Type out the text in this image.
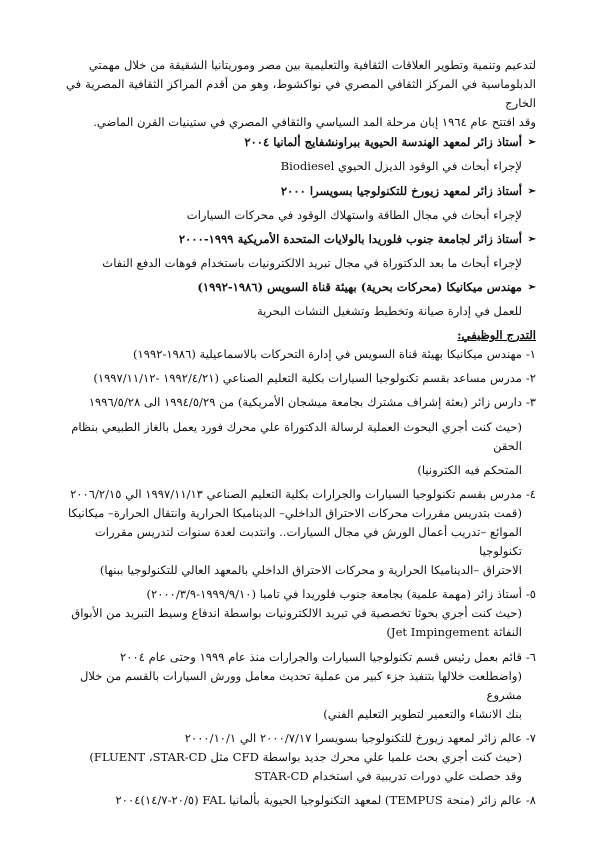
لتدعيم وتنمية وتطوير العلاقات الثقافية والتعليمية بين مصر وموريتانيا الشقيقة من خلال مهمتي

الدبلوماسية في المركز الثقافي المصري في نواكشوط، وهو من أقدم المراكز الثقافية المصرية في الخارج

وقد افتتح عام ١٩٦٤ إبان مرحلة المد السياسي والثقافي المصري في ستينيات القرن الماضي.

➢ أستاذ زائر لمعهد الهندسة الحيوية ببراونشفايج ألمانيا ٢٠٠٤
لإجراء أبحاث في الوقود الديزل الحيوي Biodiesel
➢ أستاذ زائر لمعهد زيورخ للتكنولوجيا بسويسرا ٢٠٠٠
لإجراء أبحاث في مجال الطاقة واستهلاك الوقود في محركات السيارات
➢ أستاذ زائر لجامعة جنوب فلوريدا بالولايات المتحدة الأمريكية ١٩٩٩-٢٠٠٠
لإجراء أبحاث ما بعد الدكتوراة في مجال تبريد الالكترونيات باستخدام فوهات الدفع النفاث
➢ مهندس ميكانيكا (محركات بحرية) بهيئة قناة السويس (١٩٨٦-١٩٩٢)
للعمل في إدارة صيانة وتخطيط وتشغيل النشات البحرية
التدرج الوظيفي:

١-
مهندس ميكانيكا بهيئة قناة السويس في إدارة التحركات بالاسماعيلية (١٩٨٦-١٩٩٢)

٢-
مدرس مساعد بقسم تكنولوجيا السيارات بكلية التعليم الصناعي (١٩٩٢/٤/٢١ -١٩٩٧/١١/١٢)

٣-
دارس زائر (بعثة إشراف مشترك بجامعة ميشجان الأمريكية) من ١٩٩٤/٥/٢٩ الى ١٩٩٦/٥/٢٨

(حيث كنت أجري البحوث العملية لرسالة الدكتوراة علي محرك فورد يعمل بالغاز الطبيعي بنظام الحقن

المتحكم فيه الكترونيا)

٤-
مدرس بقسم تكنولوجيا السيارات والجرارات بكلية التعليم الصناعي ١٩٩٧/١١/١٣ الي ٢٠٠٦/٢/١٥

(قمت بتدريس مقررات محركات الاحتراق الداخلي– الديناميكا الحرارية وانتقال الحرارة– ميكانيكا

الموائع –تدريب أعمال الورش في مجال السيارات.. وانتدبت لعدة سنوات لتدريس مقررات تكنولوجيا

الاحتراق –الديناميكا الحرارية و محركات الاحتراق الداخلي بالمعهد العالي للتكنولوجيا ببنها)

٥-
أستاذ زائر (مهمة علمية) بجامعة جنوب فلوريدا في تامبا (١٩٩٩/٩/١٠-٢٠٠٠/٣/٩)

(حيث كنت أجري بحوثا تخصصية في تبريد الالكترونيات بواسطة اندفاع وسيط التبريد من الأبواق

النفاثة Jet Impingement)

٦-
قائم بعمل رئيس قسم تكنولوجيا السيارات والجرارات منذ عام ١٩٩٩ وحتى عام ٢٠٠٤

(واضطلعت خلالها بتنفيذ جزء كبير من عملية تحديث معامل وورش السيارات بالقسم من خلال مشروع

بنك الانشاء والتعمير لتطوير التعليم الفني)

٧-
عالم زائر لمعهد زيورخ للتكنولوجيا بسويسرا ٢٠٠٠/٧/١٧ الي ٢٠٠٠/١٠/١

(حيث كنت أجري بحث علميا علي محرك جديد بواسطة CFD مثل FLUENT ،STAR-CD)

وقد حصلت علي دورات تدريبية في استخدام STAR-CD

٨-
عالم زائر (منحة TEMPUS) لمعهد التكنولوجيا الحيوية بألمانيا FAL (٢٠/٥-١٤/٧)٢٠٠٤
